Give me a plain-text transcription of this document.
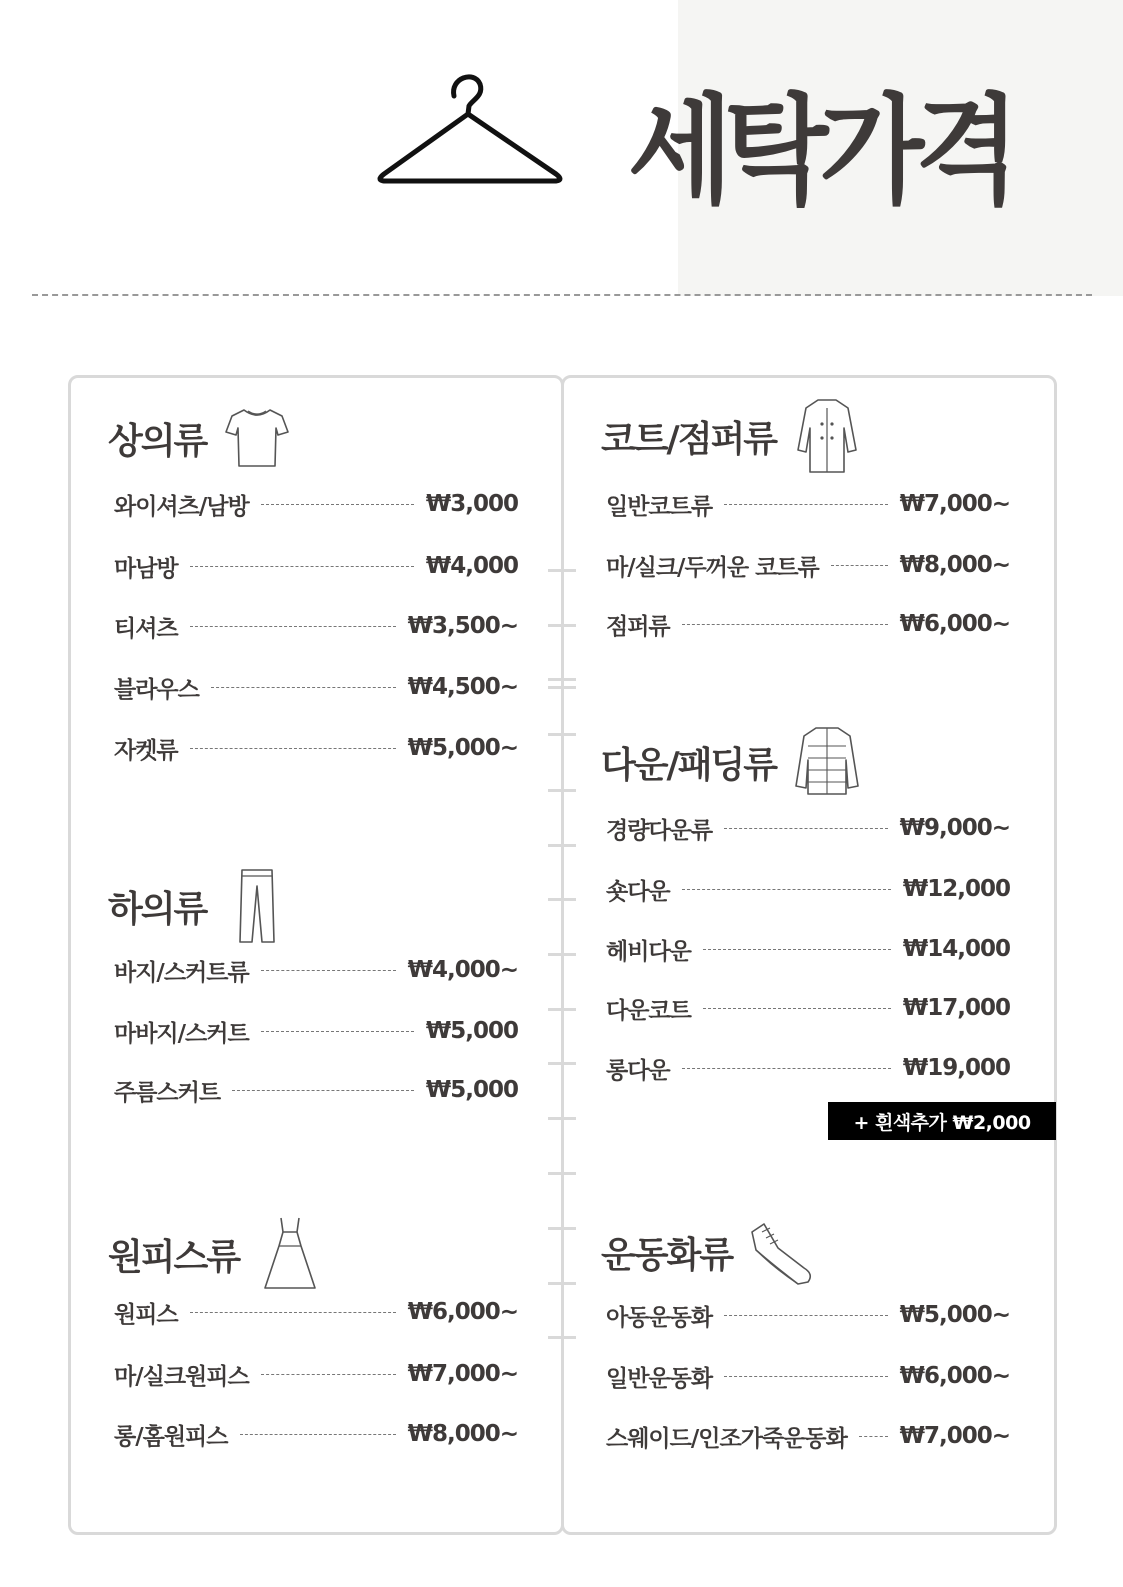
세탁가격
상의류
와이셔츠/남방	₩3,000
마남방	₩4,000
티셔츠	₩3,500~
블라우스	₩4,500~
자켓류	₩5,000~
하의류
바지/스커트류	₩4,000~
마바지/스커트	₩5,000
주름스커트	₩5,000
원피스류
원피스	₩6,000~
마/실크원피스	₩7,000~
롱/홈원피스	₩8,000~
코트/점퍼류
일반코트류	₩7,000~
마/실크/두꺼운 코트류	₩8,000~
점퍼류	₩6,000~
다운/패딩류
경량다운류	₩9,000~
숏다운	₩12,000
헤비다운	₩14,000
다운코트	₩17,000
롱다운	₩19,000
+ 흰색추가 ₩2,000
운동화류
아동운동화	₩5,000~
일반운동화	₩6,000~
스웨이드/인조가죽운동화 ₩7,000~
